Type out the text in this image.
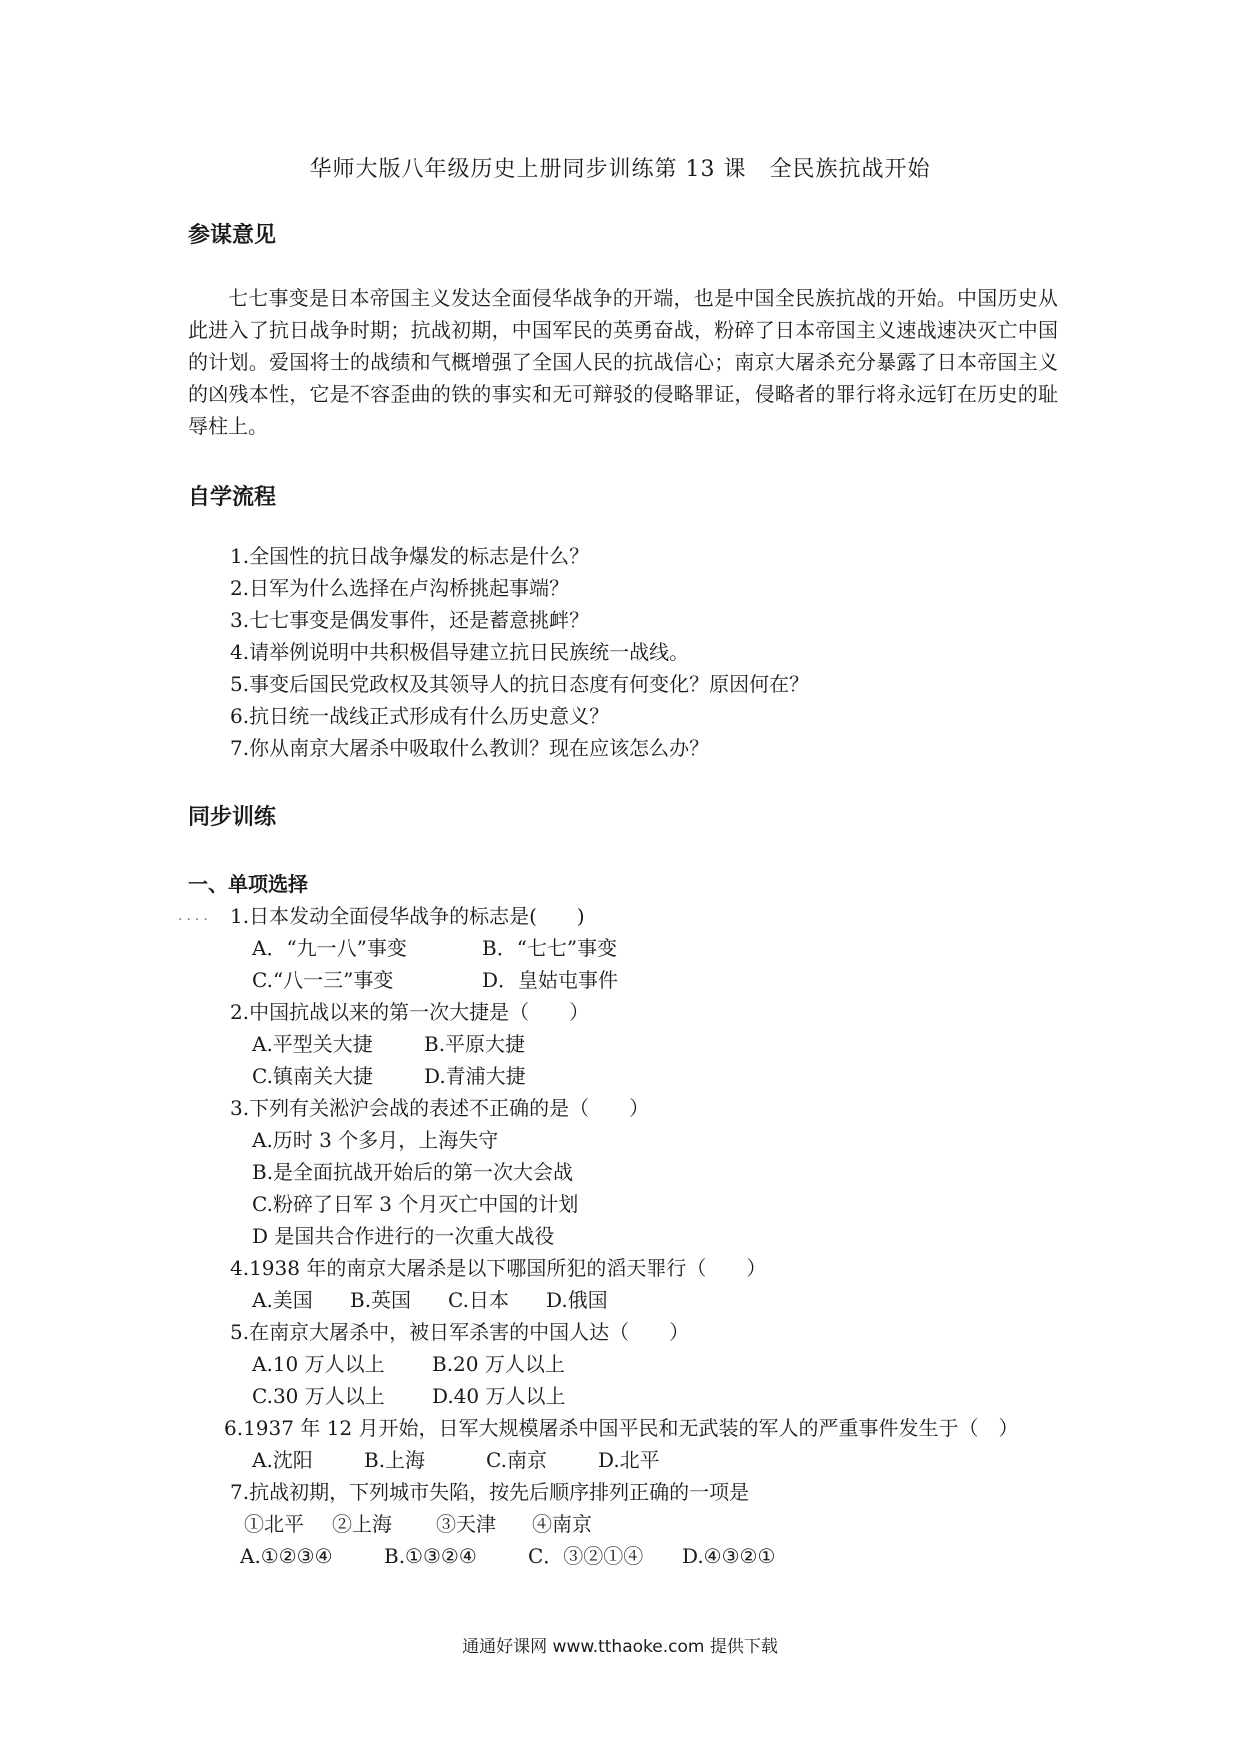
华师大版八年级历史上册同步训练第 13 课　全民族抗战开始
参谋意见
七七事变是日本帝国主义发达全面侵华战争的开端，也是中国全民族抗战的开始。中国历史从此进入了抗日战争时期；抗战初期，中国军民的英勇奋战，粉碎了日本帝国主义速战速决灭亡中国的计划。爱国将士的战绩和气概增强了全国人民的抗战信心；南京大屠杀充分暴露了日本帝国主义的凶残本性，它是不容歪曲的铁的事实和无可辩驳的侵略罪证，侵略者的罪行将永远钉在历史的耻辱柱上。
自学流程
1.全国性的抗日战争爆发的标志是什么？
2.日军为什么选择在卢沟桥挑起事端？
3.七七事变是偶发事件，还是蓄意挑衅？
4.请举例说明中共积极倡导建立抗日民族统一战线。
5.事变后国民党政权及其领导人的抗日态度有何变化？原因何在？
6.抗日统一战线正式形成有什么历史意义？
7.你从南京大屠杀中吸取什么教训？现在应该怎么办？
同步训练
一、单项选择
.... 1.日本发动全面侵华战争的标志是(　　)
A．“九一八”事变	B．“七七”事变
C.“八一三”事变	D．皇姑屯事件
2.中国抗战以来的第一次大捷是（　　）
A.平型关大捷	B.平原大捷
C.镇南关大捷	D.青浦大捷
3.下列有关淞沪会战的表述不正确的是（　　）
A.历时 3 个多月，上海失守
B.是全面抗战开始后的第一次大会战
C.粉碎了日军 3 个月灭亡中国的计划
D 是国共合作进行的一次重大战役
4.1938 年的南京大屠杀是以下哪国所犯的滔天罪行（　　）
A.美国 B.英国 C.日本 D.俄国
5.在南京大屠杀中，被日军杀害的中国人达（　　）
A.10 万人以上 B.20 万人以上
C.30 万人以上 D.40 万人以上
6.1937 年 12 月开始，日军大规模屠杀中国平民和无武装的军人的严重事件发生于（　）
A.沈阳	B.上海	C.南京	D.北平
7.抗战初期，下列城市失陷，按先后顺序排列正确的一项是
①北平 ②上海 ③天津 ④南京
A.①②③④	B.①③②④	C．③②①④ D.④③②①
通通好课网 www.tthaoke.com 提供下载
